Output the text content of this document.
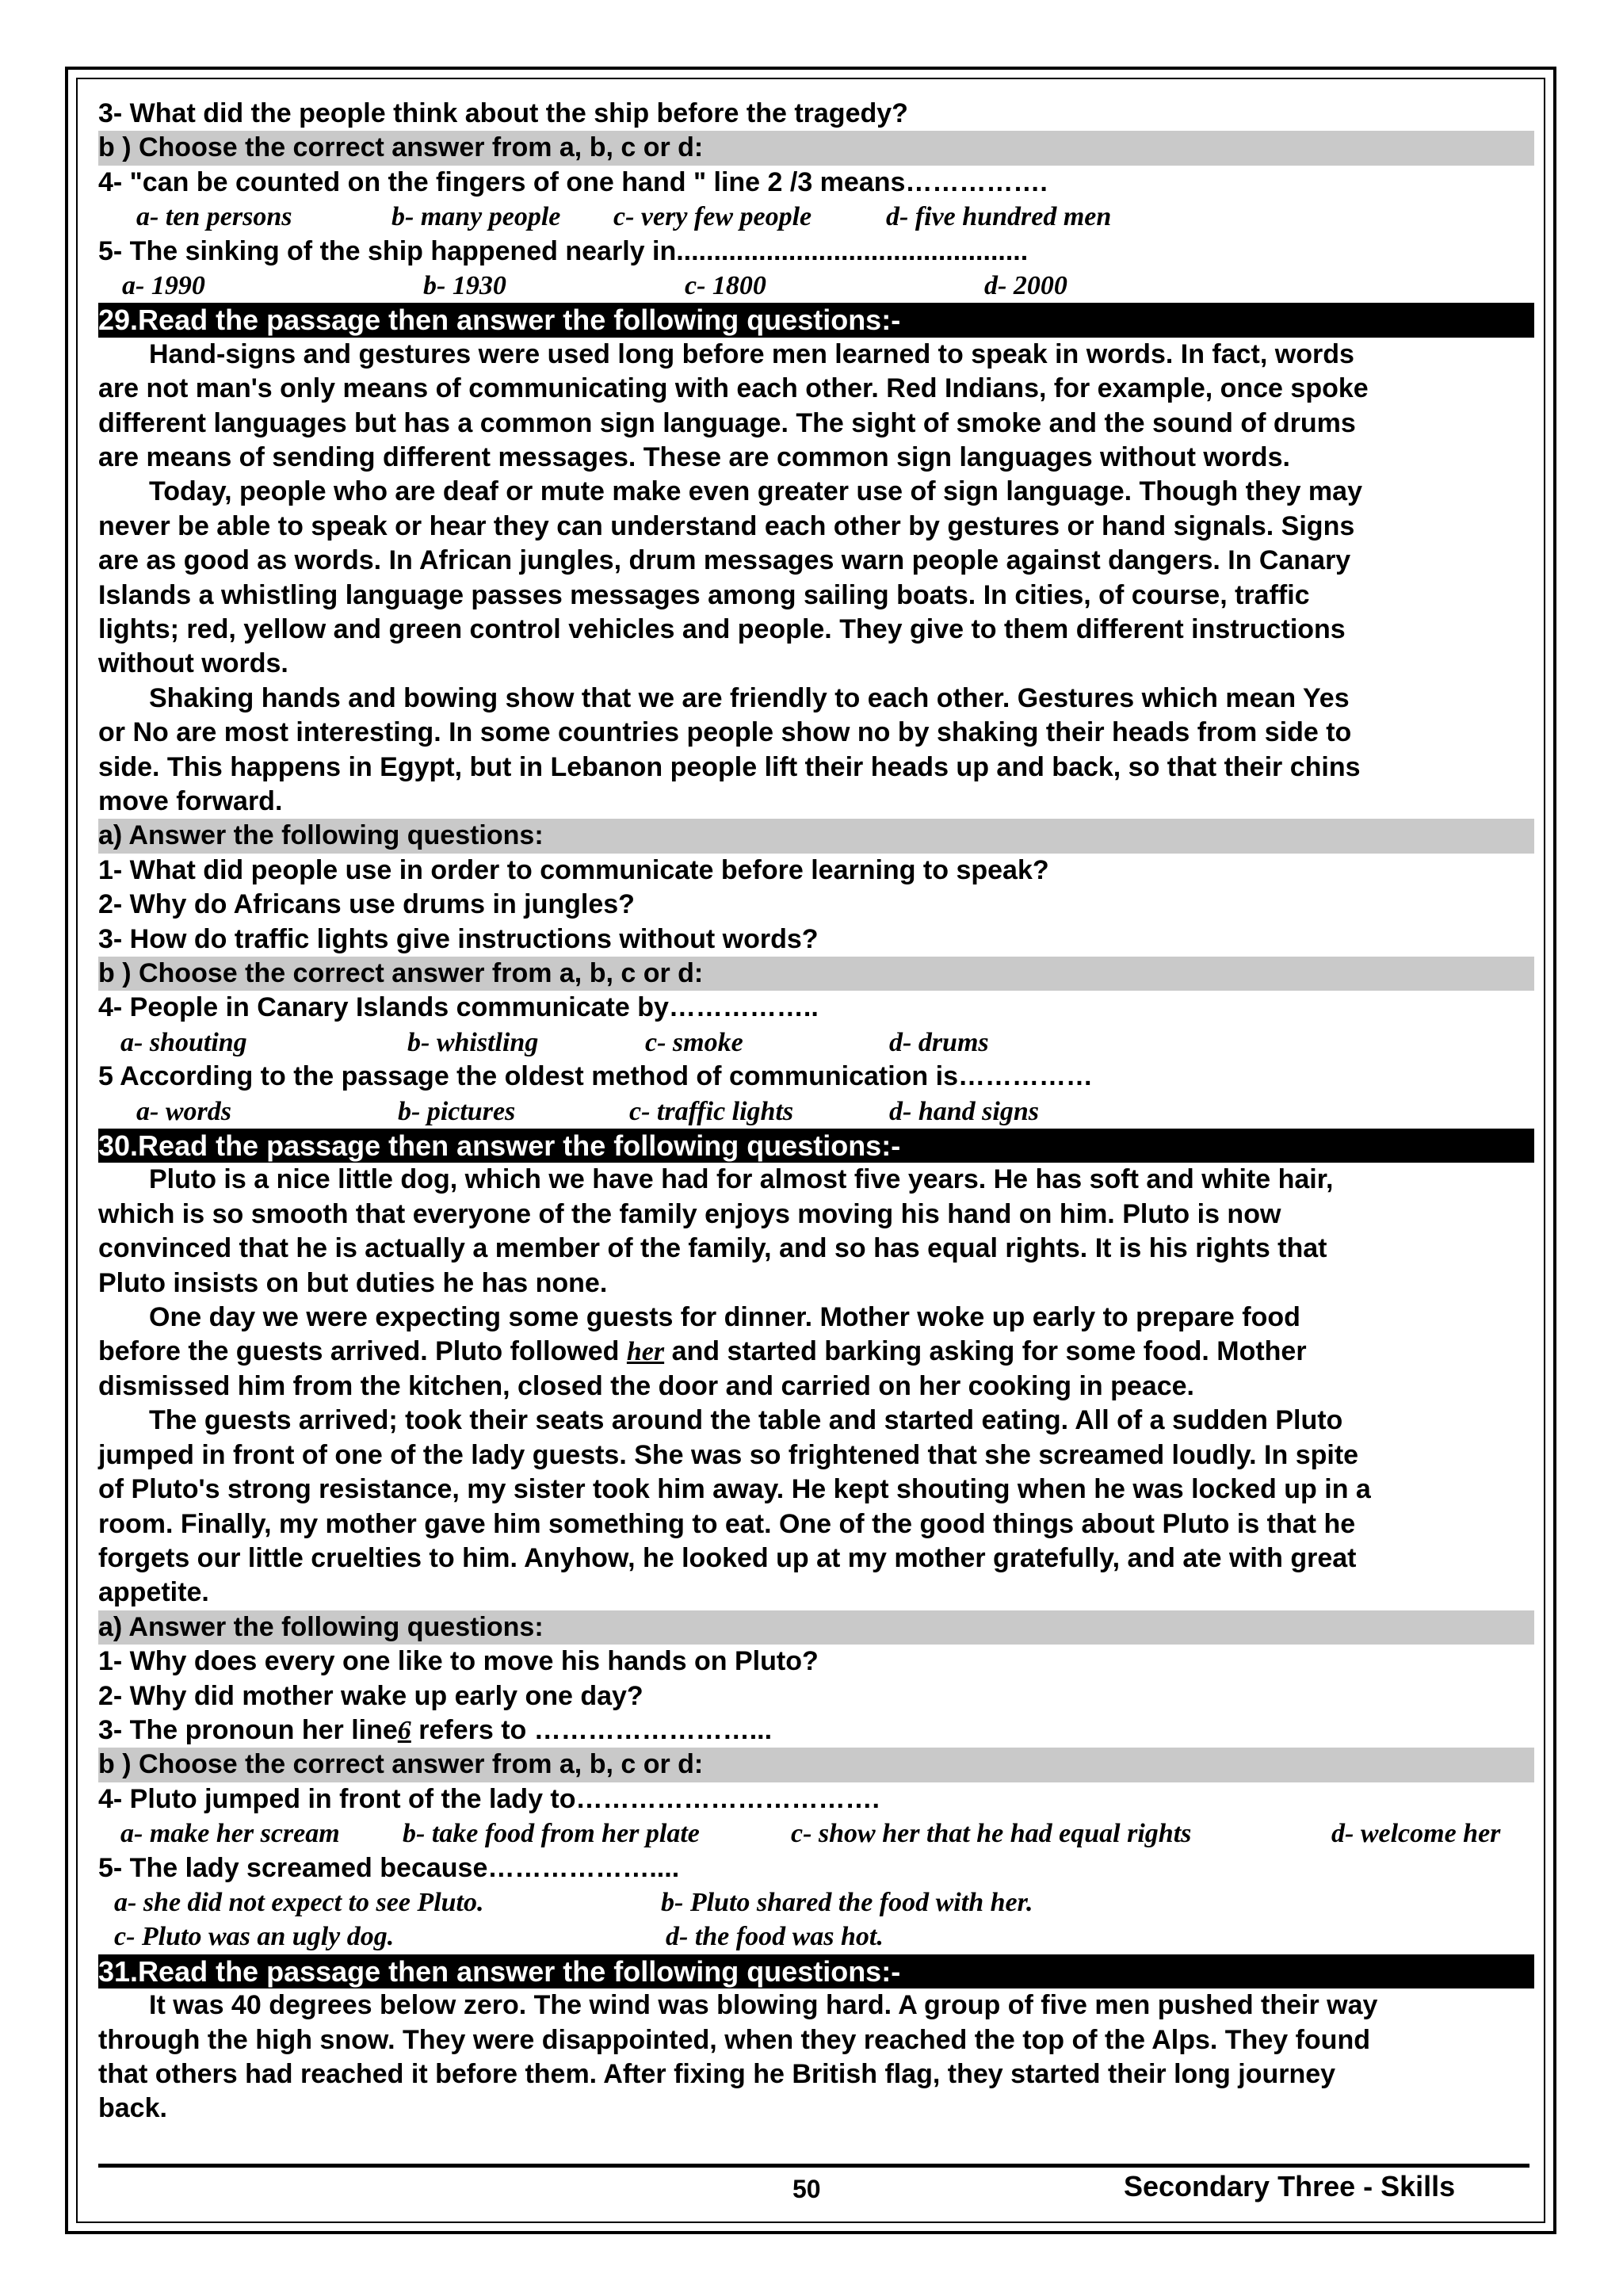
3- What did the people think about the ship before the tragedy?
b ) Choose the correct answer from a, b, c or d:
4- "can be counted on the fingers of one hand " line 2 /3 means…………….
a- ten persons	b- many people c- very few people	d- five hundred men
5- The sinking of the ship happened nearly in...............................................
a- 1990	b- 1930	c- 1800	d- 2000
29.Read the passage then answer the following questions:-
Hand-signs and gestures were used long before men learned to speak in words. In fact, words
are not man's only means of communicating with each other. Red Indians, for example, once spoke
different languages but has a common sign language. The sight of smoke and the sound of drums
are means of sending different messages. These are common sign languages without words.
Today, people who are deaf or mute make even greater use of sign language. Though they may
never be able to speak or hear they can understand each other by gestures or hand signals. Signs
are as good as words. In African jungles, drum messages warn people against dangers. In Canary
Islands a whistling language passes messages among sailing boats. In cities, of course, traffic
lights; red, yellow and green control vehicles and people. They give to them different instructions
without words.
Shaking hands and bowing show that we are friendly to each other. Gestures which mean Yes
or No are most interesting. In some countries people show no by shaking their heads from side to
side. This happens in Egypt, but in Lebanon people lift their heads up and back, so that their chins
move forward.
a) Answer the following questions:
1- What did people use in order to communicate before learning to speak?
2- Why do Africans use drums in jungles?
3- How do traffic lights give instructions without words?
b ) Choose the correct answer from a, b, c or d:
4- People in Canary Islands communicate by……………..
a- shouting	b- whistling	c- smoke	d- drums
5 According to the passage the oldest method of communication is……………
a- words	b- pictures	c- traffic lights	d- hand signs
30.Read the passage then answer the following questions:-
Pluto is a nice little dog, which we have had for almost five years. He has soft and white hair,
which is so smooth that everyone of the family enjoys moving his hand on him. Pluto is now
convinced that he is actually a member of the family, and so has equal rights. It is his rights that
Pluto insists on but duties he has none.
One day we were expecting some guests for dinner. Mother woke up early to prepare food
before the guests arrived. Pluto followed her and started barking asking for some food. Mother
dismissed him from the kitchen, closed the door and carried on her cooking in peace.
The guests arrived; took their seats around the table and started eating. All of a sudden Pluto
jumped in front of one of the lady guests. She was so frightened that she screamed loudly. In spite
of Pluto's strong resistance, my sister took him away. He kept shouting when he was locked up in a
room. Finally, my mother gave him something to eat. One of the good things about Pluto is that he
forgets our little cruelties to him. Anyhow, he looked up at my mother gratefully, and ate with great
appetite.
a) Answer the following questions:
1- Why does every one like to move his hands on Pluto?
2- Why did mother wake up early one day?
3- The pronoun her line6 refers to ……………………...
b ) Choose the correct answer from a, b, c or d:
4- Pluto jumped in front of the lady to…………………………….
a- make her scream b- take food from her plate	c- show her that he had equal rights	d- welcome her
5- The lady screamed because………………....
a- she did not expect to see Pluto.	b- Pluto shared the food with her.
c- Pluto was an ugly dog.	d- the food was hot.
31.Read the passage then answer the following questions:-
It was 40 degrees below zero. The wind was blowing hard. A group of five men pushed their way
through the high snow. They were disappointed, when they reached the top of the Alps. They found
that others had reached it before them. After fixing he British flag, they started their long journey
back.
50	Secondary Three - Skills
